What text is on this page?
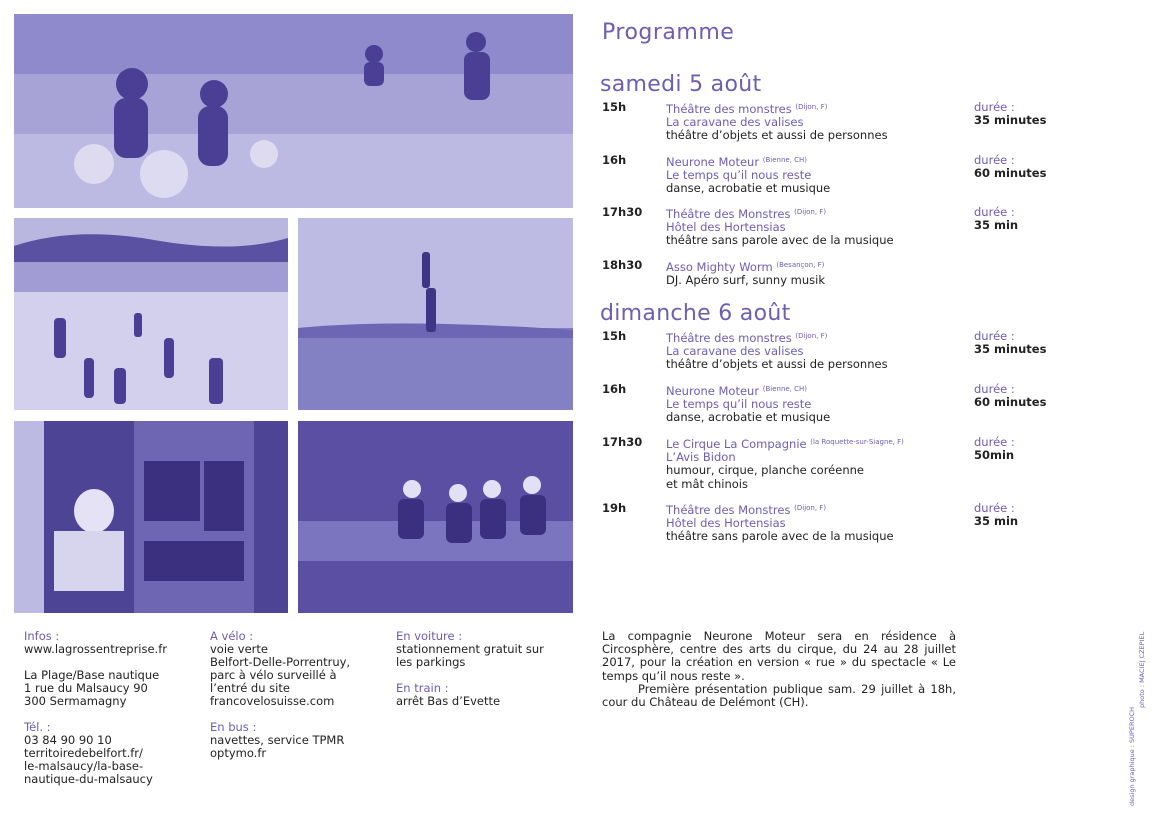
Programme
samedi 5 août
15h	Théâtre des monstres $^{(Dijon, F)}$
La caravane des valises
théâtre d’objets et aussi de personnes
durée :
35 minutes
16h	Neurone Moteur $^{(Bienne, CH)}$
Le temps qu’il nous reste
danse, acrobatie et musique
durée :
60 minutes
17h30 Théâtre des Monstres $^{(Dijon, F)}$
Hôtel des Hortensias
théâtre sans parole avec de la musique
durée :
35 min
18h30 Asso Mighty Worm $^{(Besançon, F)}$
DJ. Apéro surf, sunny musik
dimanche 6 août
15h	Théâtre des monstres $^{(Dijon, F)}$
La caravane des valises
théâtre d’objets et aussi de personnes
durée :
35 minutes
16h	Neurone Moteur $^{(Bienne, CH)}$
Le temps qu’il nous reste
danse, acrobatie et musique
durée :
60 minutes
17h30 Le Cirque La Compagnie $^{(la Roquette-sur-Siagne, F)}$
L’Avis Bidon
humour, cirque, planche coréenne
et mât chinois
durée :
50min
19h	Théâtre des Monstres $^{(Dijon, F)}$
Hôtel des Hortensias
théâtre sans parole avec de la musique
durée :
35 min
Infos :
www.lagrossentreprise.fr
La Plage/Base nautique
1 rue du Malsaucy 90
300 Sermamagny
Tél. :
03 84 90 90 10
territoiredebelfort.fr/
le-malsaucy/la-base-
nautique-du-malsaucy
A vélo :
voie verte
Belfort-Delle-Porrentruy,
parc à vélo surveillé à
l’entré du site
francovelosuisse.com
En bus :
navettes, service TPMR
optymo.fr
En voiture :
stationnement gratuit sur
les parkings
En train :
arrêt Bas d’Evette
La compagnie Neurone Moteur sera en résidence à Circosphère, centre des arts du cirque, du 24 au 28 juillet 2017, pour la création en version « rue » du spectacle « Le temps qu’il nous reste ».
Première présentation publique sam. 29 juillet à 18h, cour du Château de Delémont (CH).
design graphique : SUPEROCH
photo : MACIEJ CZEPIEL
